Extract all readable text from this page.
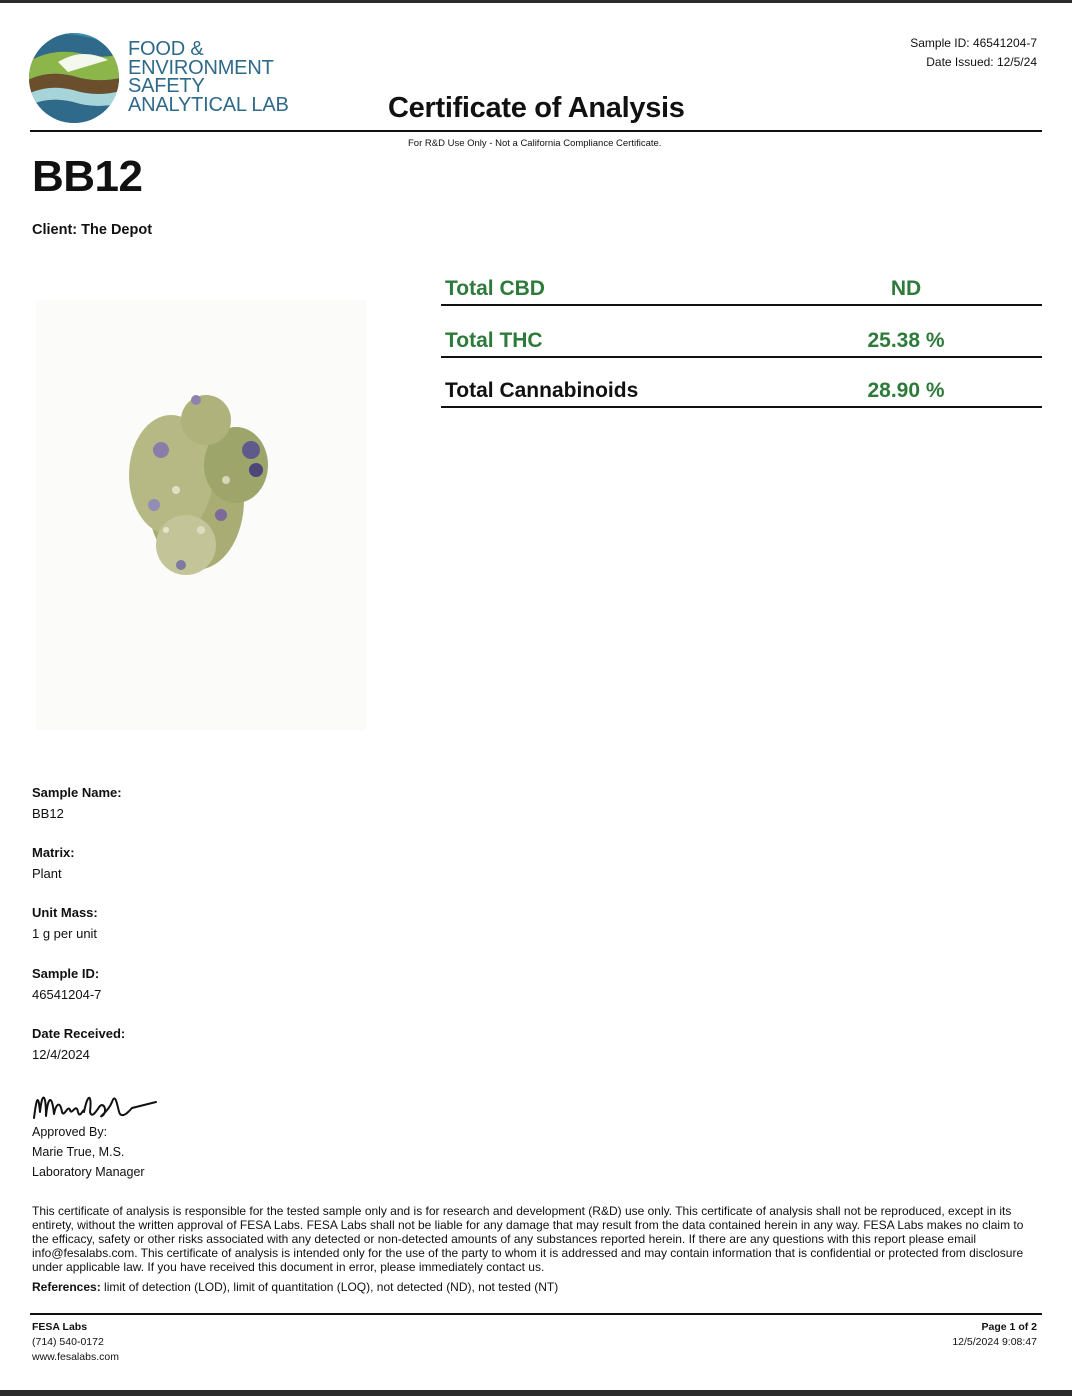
FOOD &
ENVIRONMENT
SAFETY
ANALYTICAL LAB
Sample ID: 46541204-7
Date Issued: 12/5/24
Certificate of Analysis
For R&D Use Only - Not a California Compliance Certificate.
BB12
Client: The Depot
Total CBD	ND
Total THC	25.38 %
Total Cannabinoids	28.90 %
Sample Name:
BB12
Matrix:
Plant
Unit Mass:
1 g per unit
Sample ID:
46541204-7
Date Received:
12/4/2024
Approved By:
Marie True, M.S.
Laboratory Manager
This certificate of analysis is responsible for the tested sample only and is for research and development (R&D) use only. This certificate of analysis shall not be reproduced, except in its entirety, without the written approval of FESA Labs. FESA Labs shall not be liable for any damage that may result from the data contained herein in any way. FESA Labs makes no claim to the efficacy, safety or other risks associated with any detected or non-detected amounts of any substances reported herein. If there are any questions with this report please email info@fesalabs.com. This certificate of analysis is intended only for the use of the party to whom it is addressed and may contain information that is confidential or protected from disclosure under applicable law. If you have received this document in error, please immediately contact us.
References: limit of detection (LOD), limit of quantitation (LOQ), not detected (ND), not tested (NT)
FESA Labs
(714) 540-0172
www.fesalabs.com
Page 1 of 2
12/5/2024 9:08:47
